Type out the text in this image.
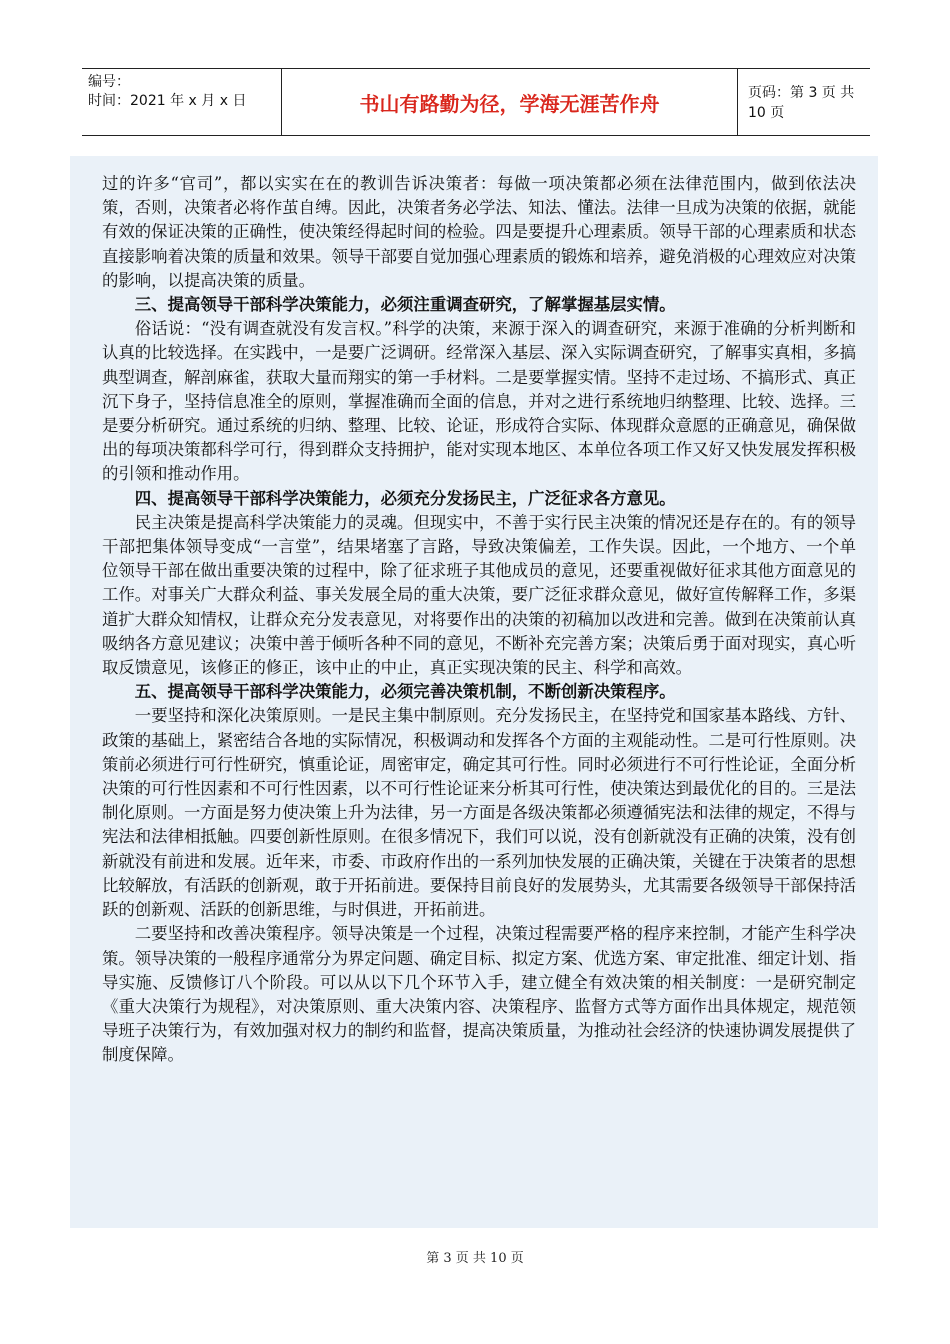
编号：
时间：2021 年 x 月 x 日	书山有路勤为径，学海无涯苦作舟	页码：第 3 页 共 10 页

过的许多“官司”，都以实实在在的教训告诉决策者：每做一项决策都必须在法律范围内，做到依法决策，否则，决策者必将作茧自缚。因此，决策者务必学法、知法、懂法。法律一旦成为决策的依据，就能有效的保证决策的正确性，使决策经得起时间的检验。四是要提升心理素质。领导干部的心理素质和状态直接影响着决策的质量和效果。领导干部要自觉加强心理素质的锻炼和培养，避免消极的心理效应对决策的影响，以提高决策的质量。

三、提高领导干部科学决策能力，必须注重调查研究，了解掌握基层实情。

俗话说：“没有调查就没有发言权。”科学的决策，来源于深入的调查研究，来源于准确的分析判断和认真的比较选择。在实践中，一是要广泛调研。经常深入基层、深入实际调查研究，了解事实真相，多搞典型调查，解剖麻雀，获取大量而翔实的第一手材料。二是要掌握实情。坚持不走过场、不搞形式、真正沉下身子，坚持信息准全的原则，掌握准确而全面的信息，并对之进行系统地归纳整理、比较、选择。三是要分析研究。通过系统的归纳、整理、比较、论证，形成符合实际、体现群众意愿的正确意见，确保做出的每项决策都科学可行，得到群众支持拥护，能对实现本地区、本单位各项工作又好又快发展发挥积极的引领和推动作用。

四、提高领导干部科学决策能力，必须充分发扬民主，广泛征求各方意见。

民主决策是提高科学决策能力的灵魂。但现实中，不善于实行民主决策的情况还是存在的。有的领导干部把集体领导变成“一言堂”，结果堵塞了言路，导致决策偏差，工作失误。因此，一个地方、一个单位领导干部在做出重要决策的过程中，除了征求班子其他成员的意见，还要重视做好征求其他方面意见的工作。对事关广大群众利益、事关发展全局的重大决策，要广泛征求群众意见，做好宣传解释工作，多渠道扩大群众知情权，让群众充分发表意见，对将要作出的决策的初稿加以改进和完善。做到在决策前认真吸纳各方意见建议；决策中善于倾听各种不同的意见，不断补充完善方案；决策后勇于面对现实，真心听取反馈意见，该修正的修正，该中止的中止，真正实现决策的民主、科学和高效。

五、提高领导干部科学决策能力，必须完善决策机制，不断创新决策程序。

一要坚持和深化决策原则。一是民主集中制原则。充分发扬民主，在坚持党和国家基本路线、方针、政策的基础上，紧密结合各地的实际情况，积极调动和发挥各个方面的主观能动性。二是可行性原则。决策前必须进行可行性研究，慎重论证，周密审定，确定其可行性。同时必须进行不可行性论证，全面分析决策的可行性因素和不可行性因素，以不可行性论证来分析其可行性，使决策达到最优化的目的。三是法制化原则。一方面是努力使决策上升为法律，另一方面是各级决策都必须遵循宪法和法律的规定，不得与宪法和法律相抵触。四要创新性原则。在很多情况下，我们可以说，没有创新就没有正确的决策，没有创新就没有前进和发展。近年来，市委、市政府作出的一系列加快发展的正确决策，关键在于决策者的思想比较解放，有活跃的创新观，敢于开拓前进。要保持目前良好的发展势头，尤其需要各级领导干部保持活跃的创新观、活跃的创新思维，与时俱进，开拓前进。

二要坚持和改善决策程序。领导决策是一个过程，决策过程需要严格的程序来控制，才能产生科学决策。领导决策的一般程序通常分为界定问题、确定目标、拟定方案、优选方案、审定批准、细定计划、指导实施、反馈修订八个阶段。可以从以下几个环节入手，建立健全有效决策的相关制度：一是研究制定《重大决策行为规程》，对决策原则、重大决策内容、决策程序、监督方式等方面作出具体规定，规范领导班子决策行为，有效加强对权力的制约和监督，提高决策质量，为推动社会经济的快速协调发展提供了制度保障。

第 3 页 共 10 页
